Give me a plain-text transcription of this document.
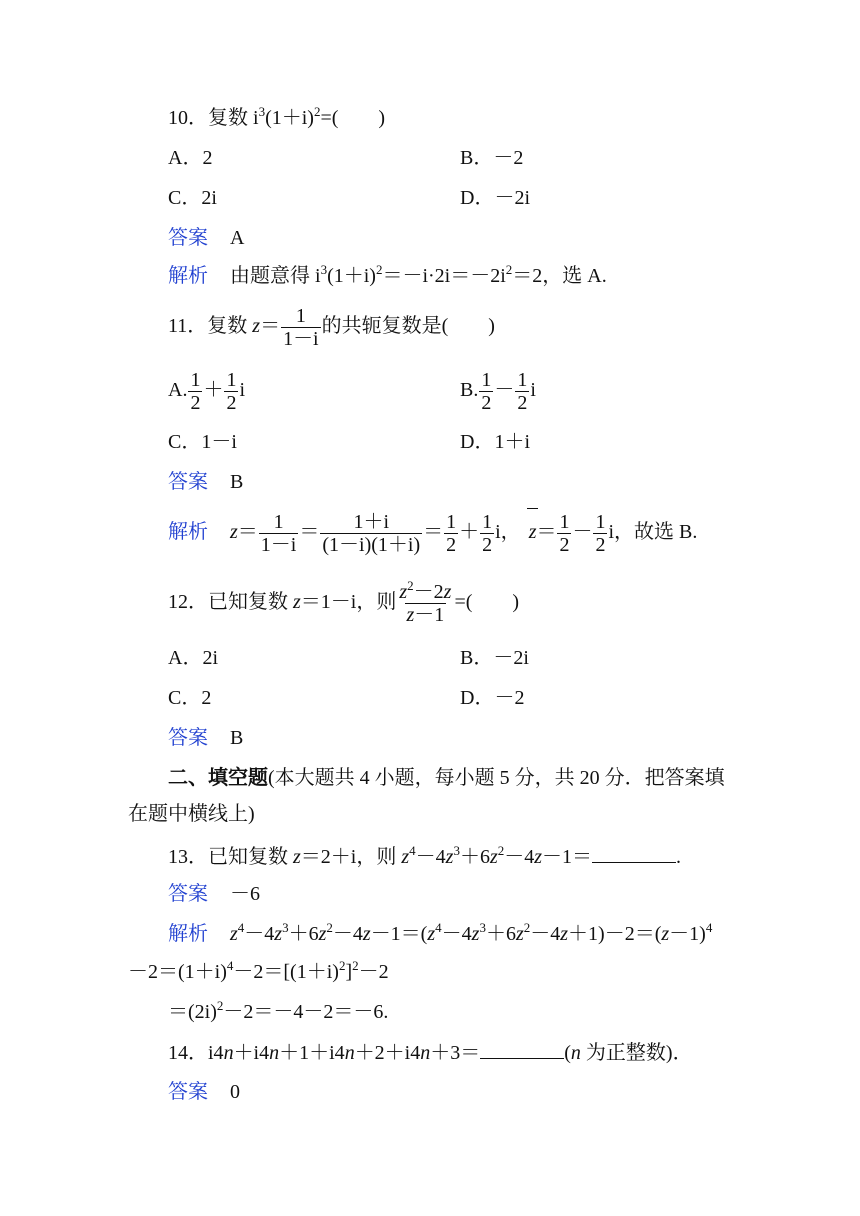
10．复数 $i^3(1+i)^2=$(　　)
A．2	B．－2
C．2i	D．－2i
答案 A
解析 由题意得 $i^3(1+i)^2=-i\cdot 2i=-2i^2=2$，选 A.
11．复数 $z= \frac{1}{1-i}$ 的共轭复数是(　　)
A. $\frac{1}{2} + \frac{1}{2}$ i	B. $\frac{1}{2} - \frac{1}{2}$ i
C．1－i	D．1＋i
答案 B
解析 $z= \frac{1}{1-i} = \frac{1+i}{(1-i)(1+i)} = \frac{1}{2} + \frac{1}{2}$ i， $z= \frac{1}{2} - \frac{1}{2}$ i，故选 B.
12．已知复数 z＝1－i，则 $\frac{z^2-2z}{z-1}$ =(　　)
A．2i	B．－2i
C．2	D．－2
答案 B
二、填空题(本大题共 4 小题，每小题 5 分，共 20 分．把答案填
在题中横线上)
13．已知复数 z＝2＋i，则 $z^4-4z^3+6z^2-4z-1=$	.
答案 －6
解析 $z^4-4z^3+6z^2-4z-1=(z^4-4z^3+6z^2-4z+1)-2=(z-1)^4$
$-2=(1+i)^4-2=[(1+i)^2]^2-2$
$=(2i)^2-2=-4-2=-6$.
14．i4n＋i4n＋1＋i4n＋2＋i4n＋3＝	(n 为正整数)．
答案 0
